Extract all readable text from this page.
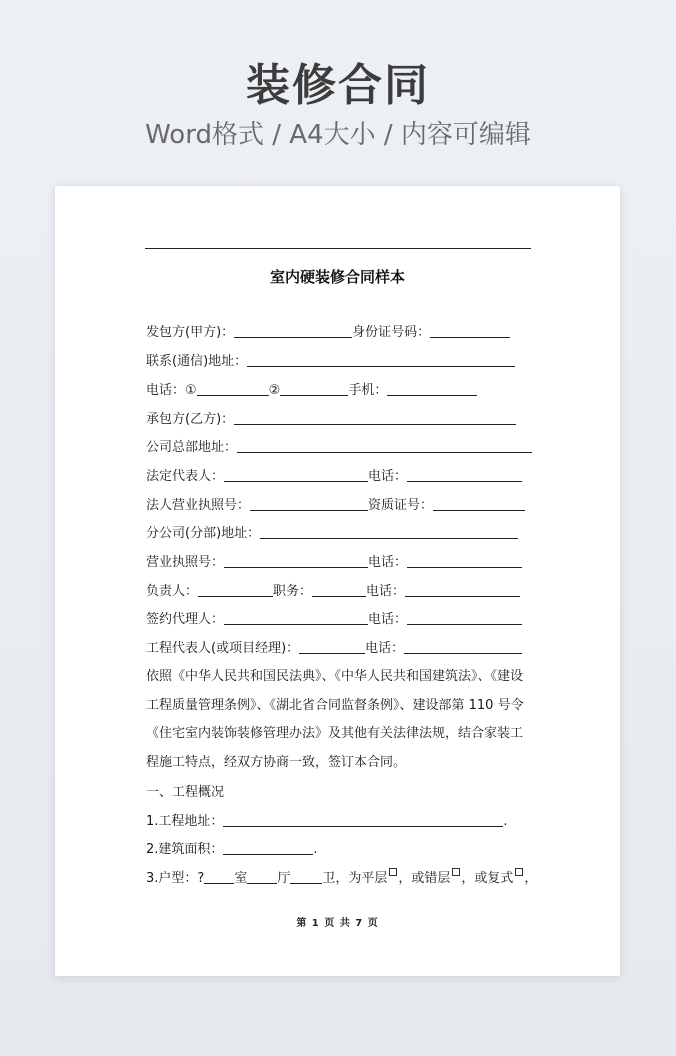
装修合同
Word格式 / A4大小 / 内容可编辑
室内硬装修合同样本
发包方(甲方)：	身份证号码：
联系(通信)地址：
电话：①	②	手机：
承包方(乙方)：
公司总部地址：
法定代表人：	电话：
法人营业执照号：	资质证号：
分公司(分部)地址：
营业执照号：	电话：
负责人：	职务：	电话：
签约代理人：	电话：
工程代表人(或项目经理)：	电话：
依照《中华人民共和国民法典》、《中华人民共和国建筑法》、《建设工程质量管理条例》、《湖北省合同监督条例》、建设部第 110 号令《住宅室内装饰装修管理办法》及其他有关法律法规，结合家装工程施工特点，经双方协商一致，签订本合同。
一、工程概况
1.工程地址：	.
2.建筑面积：	.
3.户型：? 室 厅 卫，为平层 ，或错层 ，或复式 ，
第 1 页 共 7 页
